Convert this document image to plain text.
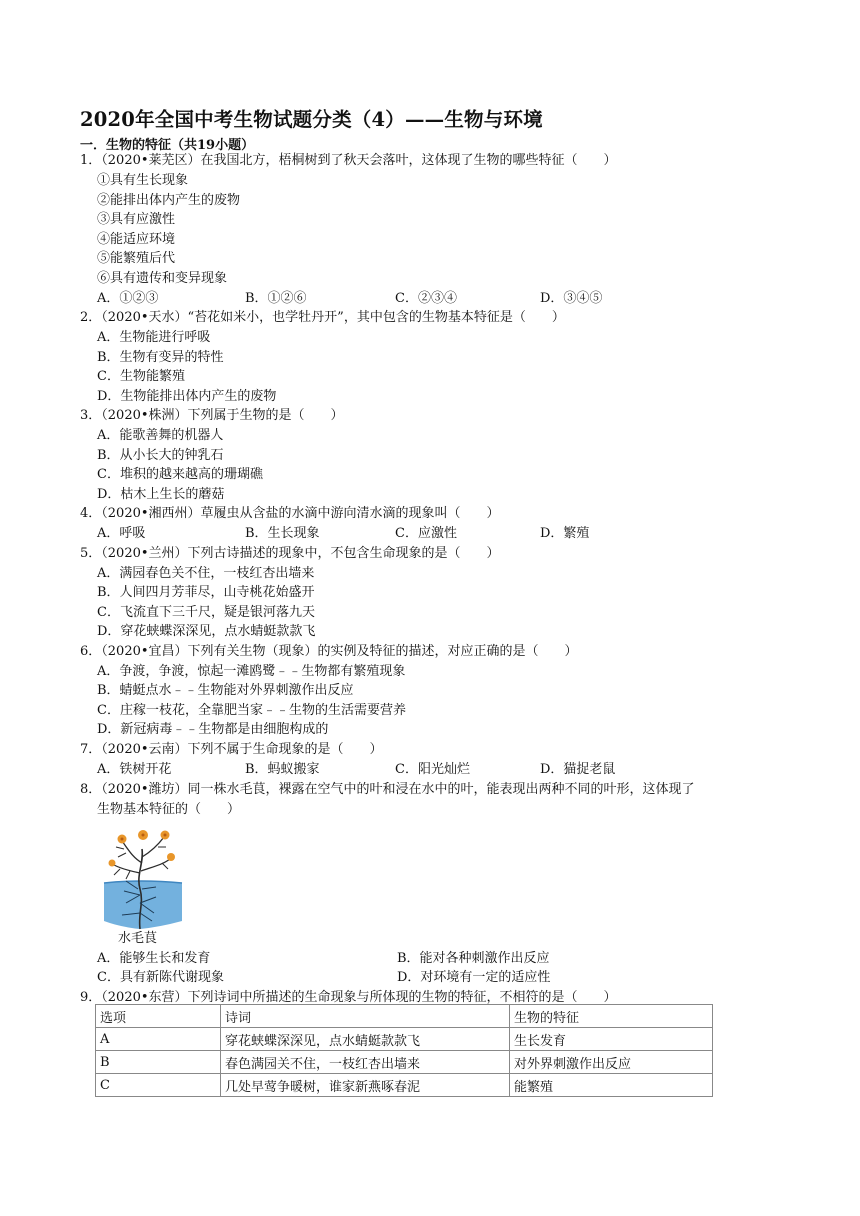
2020年全国中考生物试题分类（4）——生物与环境
一．生物的特征（共19小题）
1．（2020•莱芜区）在我国北方，梧桐树到了秋天会落叶，这体现了生物的哪些特征（　　）
①具有生长现象
②能排出体内产生的废物
③具有应激性
④能适应环境
⑤能繁殖后代
⑥具有遗传和变异现象
A．①②③	B．①②⑥	C．②③④	D．③④⑤
2．（2020•天水）“苔花如米小，也学牡丹开”，其中包含的生物基本特征是（　　）
A．生物能进行呼吸
B．生物有变异的特性
C．生物能繁殖
D．生物能排出体内产生的废物
3．（2020•株洲）下列属于生物的是（　　）
A．能歌善舞的机器人
B．从小长大的钟乳石
C．堆积的越来越高的珊瑚礁
D．枯木上生长的蘑菇
4．（2020•湘西州）草履虫从含盐的水滴中游向清水滴的现象叫（　　）
A．呼吸	B．生长现象	C．应激性	D．繁殖
5．（2020•兰州）下列古诗描述的现象中，不包含生命现象的是（　　）
A．满园春色关不住，一枝红杏出墙来
B．人间四月芳菲尽，山寺桃花始盛开
C．飞流直下三千尺，疑是银河落九天
D．穿花蛱蝶深深见，点水蜻蜓款款飞
6．（2020•宜昌）下列有关生物（现象）的实例及特征的描述，对应正确的是（　　）
A．争渡，争渡，惊起一滩鸥鹭﹣﹣生物都有繁殖现象
B．蜻蜓点水﹣﹣生物能对外界刺激作出反应
C．庄稼一枝花，全靠肥当家﹣﹣生物的生活需要营养
D．新冠病毒﹣﹣生物都是由细胞构成的
7．（2020•云南）下列不属于生命现象的是（　　）
A．铁树开花	B．蚂蚁搬家	C．阳光灿烂	D．猫捉老鼠
8．（2020•潍坊）同一株水毛茛，裸露在空气中的叶和浸在水中的叶，能表现出两种不同的叶形，这体现了
生物基本特征的（　　）
水毛茛
A．能够生长和发育	B．能对各种刺激作出反应
C．具有新陈代谢现象	D．对环境有一定的适应性
9．（2020•东营）下列诗词中所描述的生命现象与所体现的生物的特征，不相符的是（　　）
选项	诗词	生物的特征
A	穿花蛱蝶深深见，点水蜻蜓款款飞	生长发育
B	春色满园关不住，一枝红杏出墙来	对外界刺激作出反应
C	几处早莺争暖树，谁家新燕啄春泥	能繁殖
